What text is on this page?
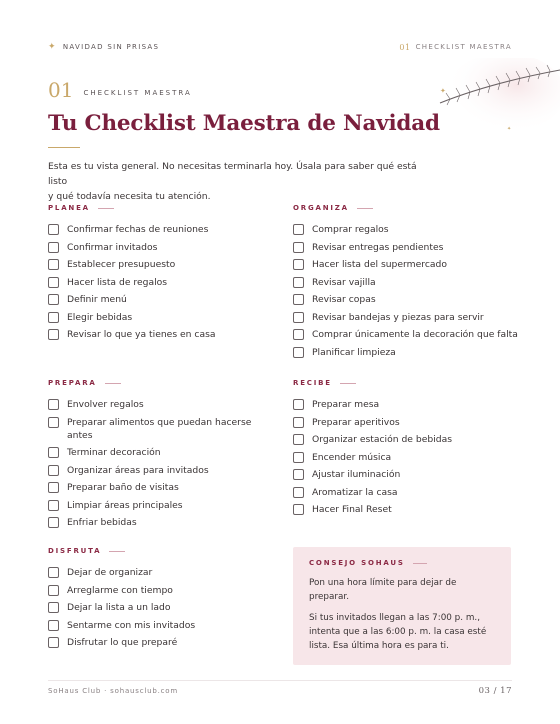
✦ NAVIDAD SIN PRISAS	01 CHECKLIST MAESTRA
✦
✦
01 CHECKLIST MAESTRA
Tu Checklist Maestra de Navidad
Esta es tu vista general. No necesitas terminarla hoy. Úsala para saber qué está listo
y qué todavía necesita tu atención.
PLANEA
Confirmar fechas de reuniones
Confirmar invitados
Establecer presupuesto
Hacer lista de regalos
Definir menú
Elegir bebidas
Revisar lo que ya tienes en casa
ORGANIZA
Comprar regalos
Revisar entregas pendientes
Hacer lista del supermercado
Revisar vajilla
Revisar copas
Revisar bandejas y piezas para servir
Comprar únicamente la decoración que falta
Planificar limpieza
PREPARA
Envolver regalos
Preparar alimentos que puedan hacerse antes
Terminar decoración
Organizar áreas para invitados
Preparar baño de visitas
Limpiar áreas principales
Enfriar bebidas
RECIBE
Preparar mesa
Preparar aperitivos
Organizar estación de bebidas
Encender música
Ajustar iluminación
Aromatizar la casa
Hacer Final Reset
DISFRUTA
Dejar de organizar
Arreglarme con tiempo
Dejar la lista a un lado
Sentarme con mis invitados
Disfrutar lo que preparé
CONSEJO SOHAUS

Pon una hora límite para dejar de preparar.

Si tus invitados llegan a las 7:00 p. m., intenta que a las 6:00 p. m. la casa esté lista. Esa última hora es para ti.

SoHaus Club · sohausclub.com	03 / 17
